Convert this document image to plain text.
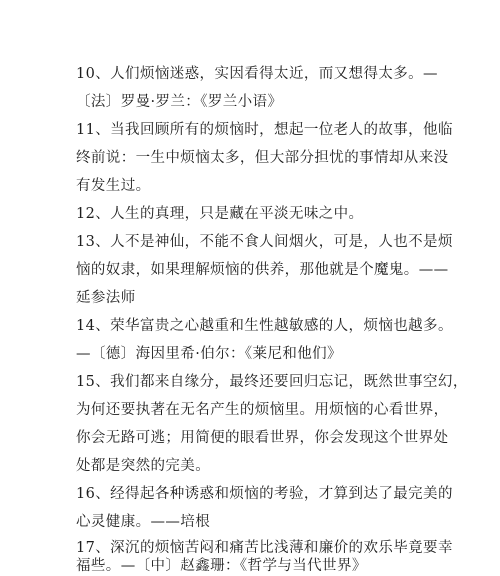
10、人们烦恼迷惑，实因看得太近，而又想得太多。—
〔法〕罗曼·罗兰：《罗兰小语》
11、当我回顾所有的烦恼时，想起一位老人的故事，他临
终前说：一生中烦恼太多，但大部分担忧的事情却从来没
有发生过。
12、人生的真理，只是藏在平淡无味之中。
13、人不是神仙，不能不食人间烟火，可是，人也不是烦
恼的奴隶，如果理解烦恼的供养，那他就是个魔鬼。——
延参法师
14、荣华富贵之心越重和生性越敏感的人，烦恼也越多。
—〔德〕海因里希·伯尔：《莱尼和他们》
15、我们都来自缘分，最终还要回归忘记，既然世事空幻，
为何还要执著在无名产生的烦恼里。用烦恼的心看世界，
你会无路可逃；用简便的眼看世界，你会发现这个世界处
处都是突然的完美。
16、经得起各种诱惑和烦恼的考验，才算到达了最完美的
心灵健康。——培根
17、深沉的烦恼苦闷和痛苦比浅薄和廉价的欢乐毕竟要幸
福些。—〔中〕赵鑫珊：《哲学与当代世界》
